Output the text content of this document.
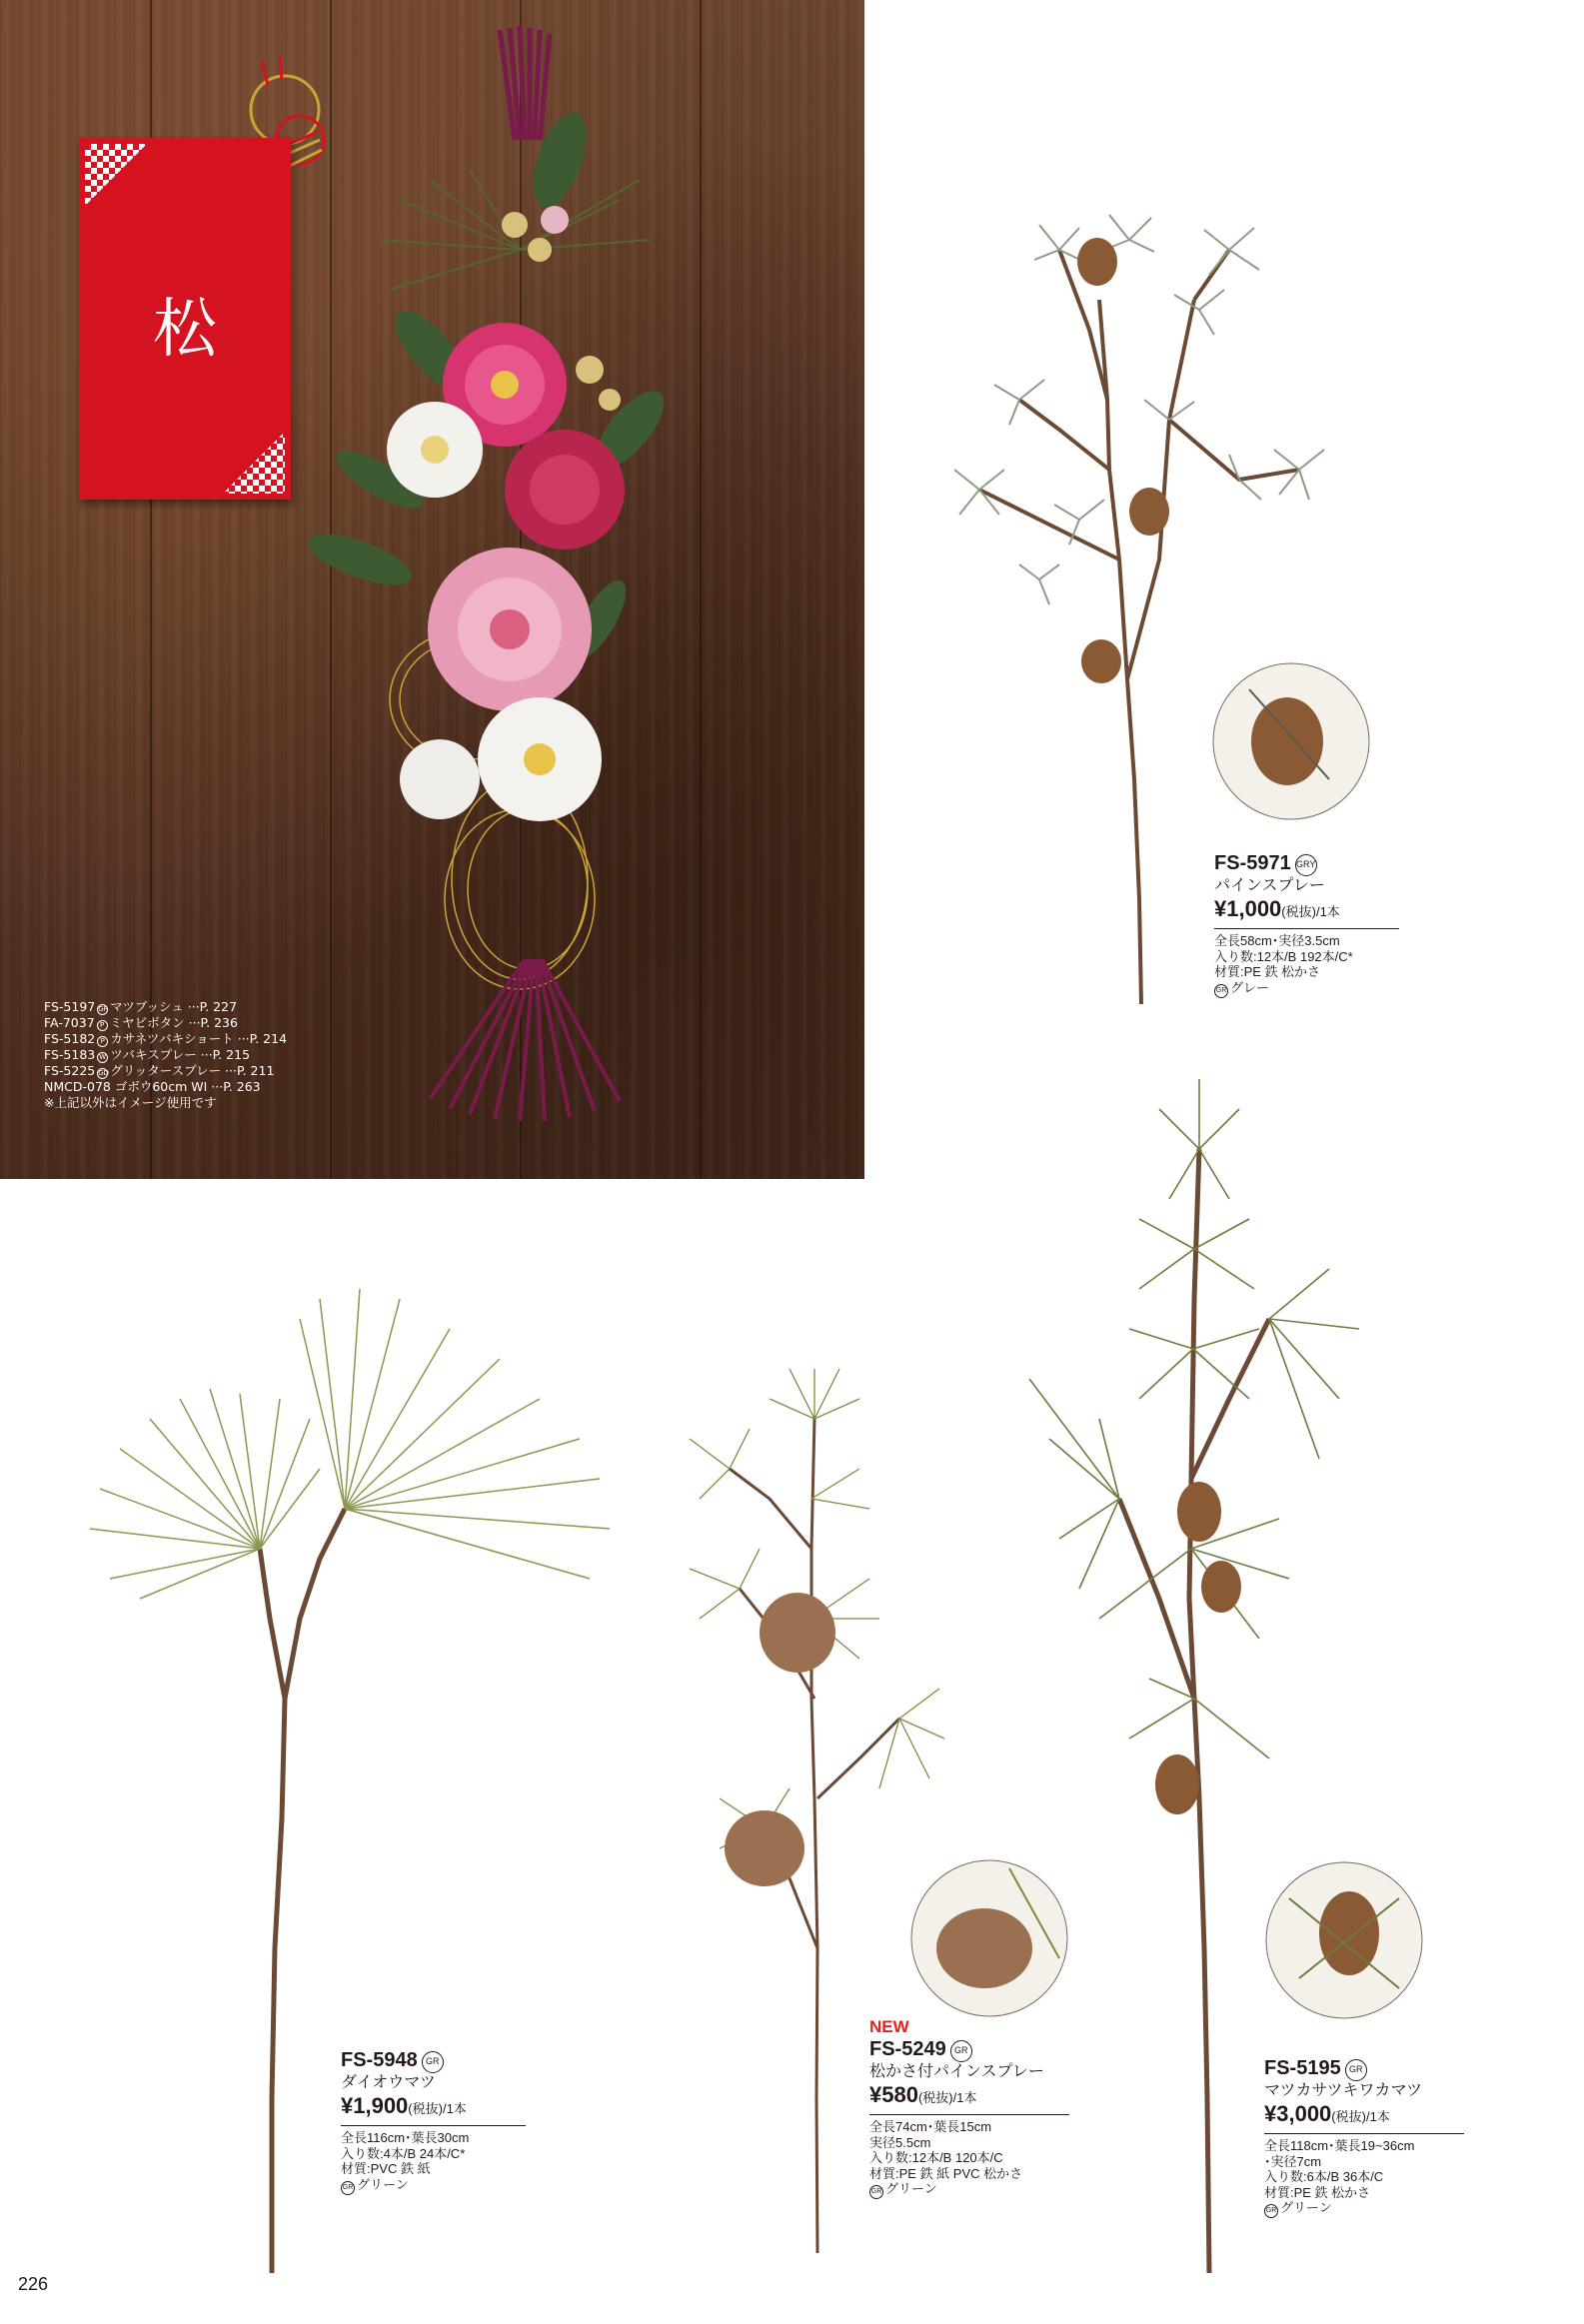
松
FS-5197 GR マツブッシュ ···P. 227
FA-7037 P ミヤビボタン ···P. 236
FS-5182 P カサネツバキショート ···P. 214
FS-5183 W ツバキスプレー ···P. 215
FS-5225 GDグリッタースプレー ···P. 211
NMCD-078 ゴボウ60cm WI ···P. 263
※上記以外はイメージ使用です
FS-5971 GRY
パインスプレー
¥1,000(税抜)/1本
全長58cm･実径3.5cm
入り数:12本/B 192本/C*
材質:PE 鉄 松かさ
GR グレー
FS-5948 GR
ダイオウマツ
¥1,900(税抜)/1本
全長116cm･葉長30cm
入り数:4本/B 24本/C*
材質:PVC 鉄 紙
GR グリーン
NEW
FS-5249 GR
松かさ付パインスプレー
¥580(税抜)/1本
全長74cm･葉長15cm
実径5.5cm
入り数:12本/B 120本/C
材質:PE 鉄 紙 PVC 松かさ
GR グリーン
FS-5195 GR
マツカサツキワカマツ
¥3,000(税抜)/1本
全長118cm･葉長19~36cm
･実径7cm
入り数:6本/B 36本/C
材質:PE 鉄 松かさ
GR グリーン
226
